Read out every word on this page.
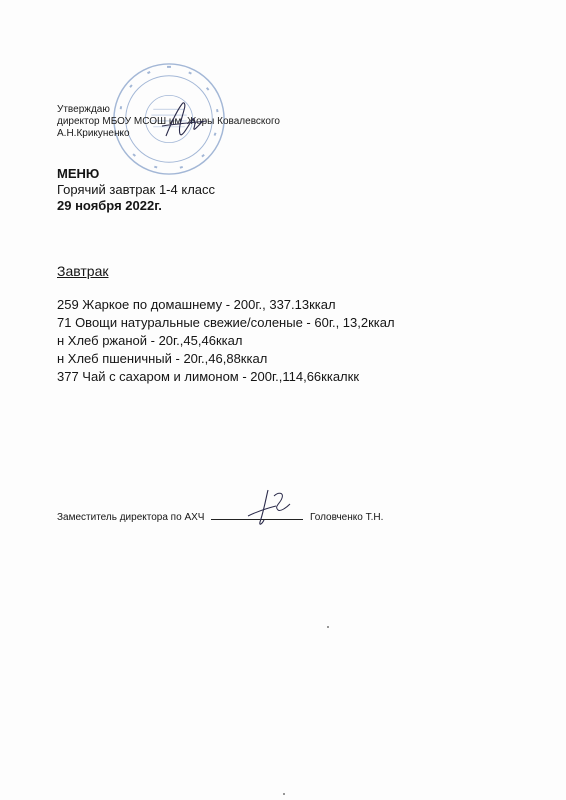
Утверждаю
директор МБОУ МСОШ им. Жоры Ковалевского
А.Н.Крикуненко
МЕНЮ
Горячий завтрак 1-4 класс
29 ноября 2022г.
Завтрак
259 Жаркое по домашнему - 200г., 337.13ккал
71 Овощи натуральные свежие/соленые - 60г., 13,2ккал
н Хлеб ржаной - 20г.,45,46ккал
н Хлеб пшеничный - 20г.,46,88ккал
377 Чай с сахаром и лимоном - 200г.,114,66ккалкк
Заместитель директора по АХЧ	Головченко Т.Н.
